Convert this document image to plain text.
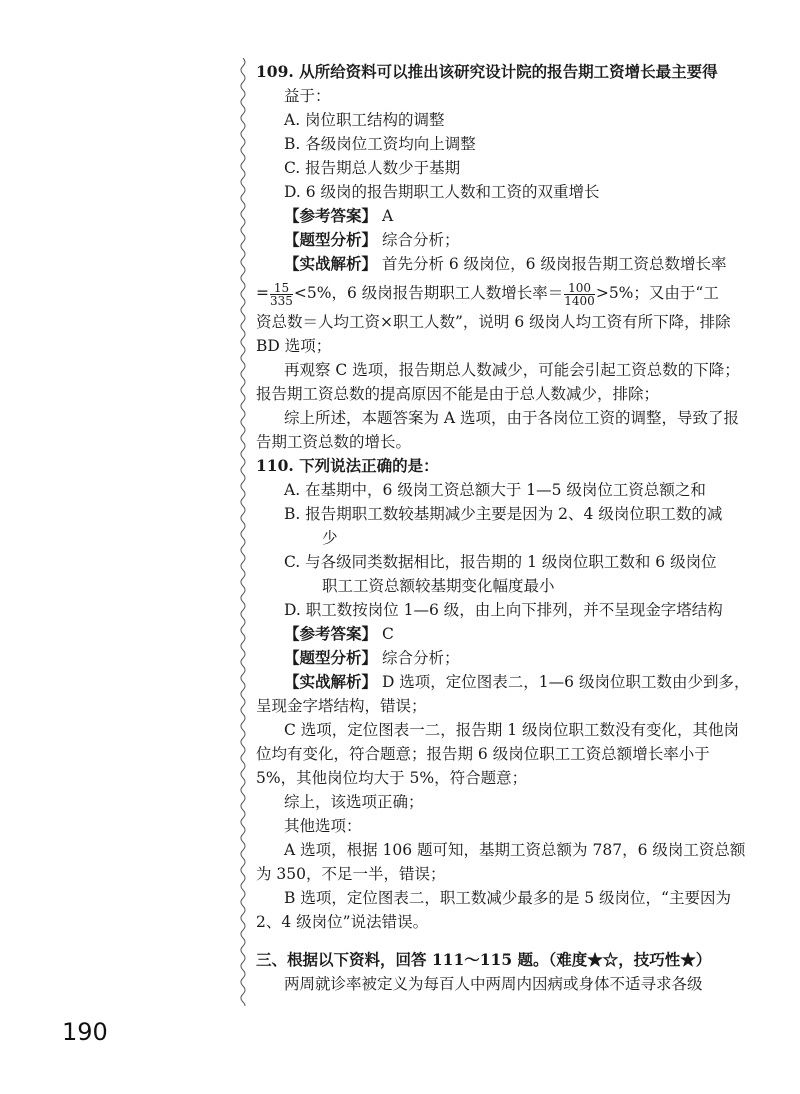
109. 从所给资料可以推出该研究设计院的报告期工资增长最主要得
益于：
A. 岗位职工结构的调整
B. 各级岗位工资均向上调整
C. 报告期总人数少于基期
D. 6 级岗的报告期职工人数和工资的双重增长
【参考答案】 A
【题型分析】 综合分析；
【实战解析】 首先分析 6 级岗位，6 级岗报告期工资总数增长率
= $\frac{15}{335} <5\%$，6 级岗报告期职工人数增长率＝ $\frac{100}{1400} >5\%$；又由于“工
资总数＝人均工资×职工人数”，说明 6 级岗人均工资有所下降，排除
BD 选项；
再观察 C 选项，报告期总人数减少，可能会引起工资总数的下降；
报告期工资总数的提高原因不能是由于总人数减少，排除；
综上所述，本题答案为 A 选项，由于各岗位工资的调整，导致了报
告期工资总数的增长。
110. 下列说法正确的是：
A. 在基期中，6 级岗工资总额大于 1—5 级岗位工资总额之和
B. 报告期职工数较基期减少主要是因为 2、4 级岗位职工数的减
少
C. 与各级同类数据相比，报告期的 1 级岗位职工数和 6 级岗位
职工工资总额较基期变化幅度最小
D. 职工数按岗位 1—6 级，由上向下排列，并不呈现金字塔结构
【参考答案】 C
【题型分析】 综合分析；
【实战解析】 D 选项，定位图表二，1—6 级岗位职工数由少到多，
呈现金字塔结构，错误；
C 选项，定位图表一二，报告期 1 级岗位职工数没有变化，其他岗
位均有变化，符合题意；报告期 6 级岗位职工工资总额增长率小于
5%，其他岗位均大于 5%，符合题意；
综上，该选项正确；
其他选项：
A 选项，根据 106 题可知，基期工资总额为 787，6 级岗工资总额
为 350，不足一半，错误；
B 选项，定位图表二，职工数减少最多的是 5 级岗位，“主要因为
2、4 级岗位”说法错误。
三、根据以下资料，回答 111～115 题。（难度★☆，技巧性★）
两周就诊率被定义为每百人中两周内因病或身体不适寻求各级
190
